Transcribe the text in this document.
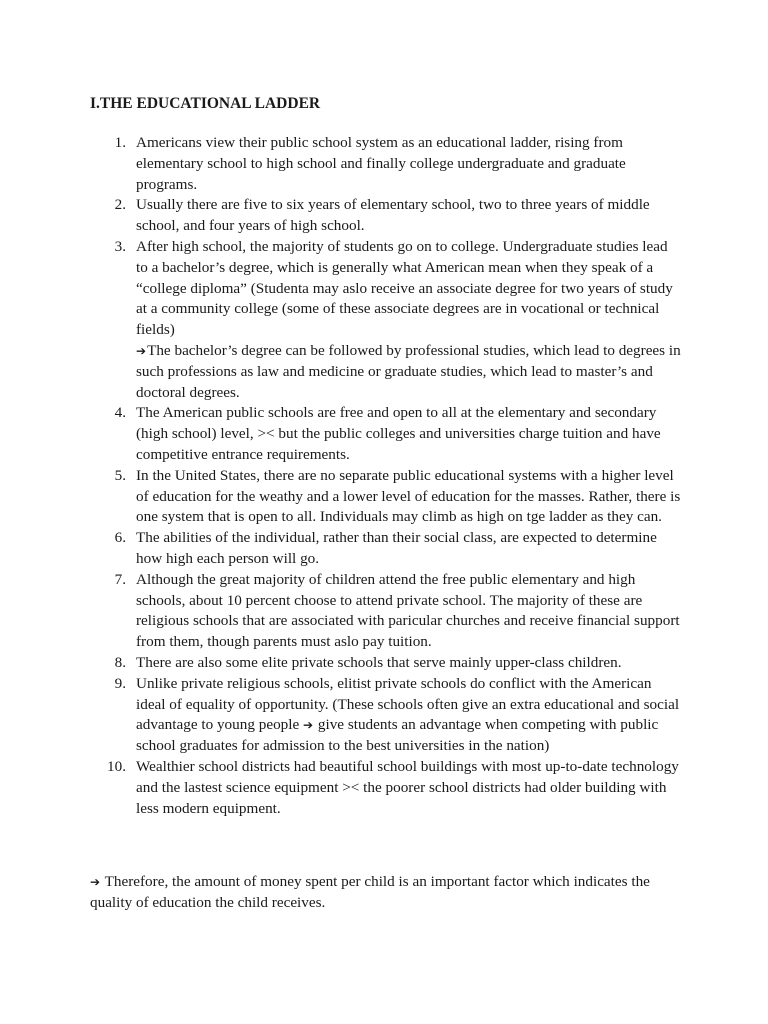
I.THE EDUCATIONAL LADDER
1. Americans view their public school system as an educational ladder, rising from elementary school to high school and finally college undergraduate and graduate programs.
2. Usually there are five to six years of elementary school, two to three years of middle school, and four years of high school.
3. After high school, the majority of students go on to college. Undergraduate studies lead to a bachelor’s degree, which is generally what American mean when they speak of a “college diploma” (Studenta may aslo receive an associate degree for two years of study at a community college (some of these associate degrees are in vocational or technical fields)
➔The bachelor’s degree can be followed by professional studies, which lead to degrees in such professions as law and medicine or graduate studies, which lead to master’s and doctoral degrees.
4. The American public schools are free and open to all at the elementary and secondary (high school) level, >< but the public colleges and universities charge tuition and have competitive entrance requirements.
5. In the United States, there are no separate public educational systems with a higher level of education for the weathy and a lower level of education for the masses. Rather, there is one system that is open to all. Individuals may climb as high on tge ladder as they can.
6. The abilities of the individual, rather than their social class, are expected to determine how high each person will go.
7. Although the great majority of children attend the free public elementary and high schools, about 10 percent choose to attend private school. The majority of these are religious schools that are associated with paricular churches and receive financial support from them, though parents must aslo pay tuition.
8. There are also some elite private schools that serve mainly upper-class children.
9. Unlike private religious schools, elitist private schools do conflict with the American ideal of equality of opportunity. (These schools often give an extra educational and social advantage to young people ➔ give students an advantage when competing with public school graduates for admission to the best universities in the nation)
10. Wealthier school districts had beautiful school buildings with most up-to-date technology and the lastest science equipment >< the poorer school districts had older building with less modern equipment.

➔ Therefore, the amount of money spent per child is an important factor which indicates the quality of education the child receives.
